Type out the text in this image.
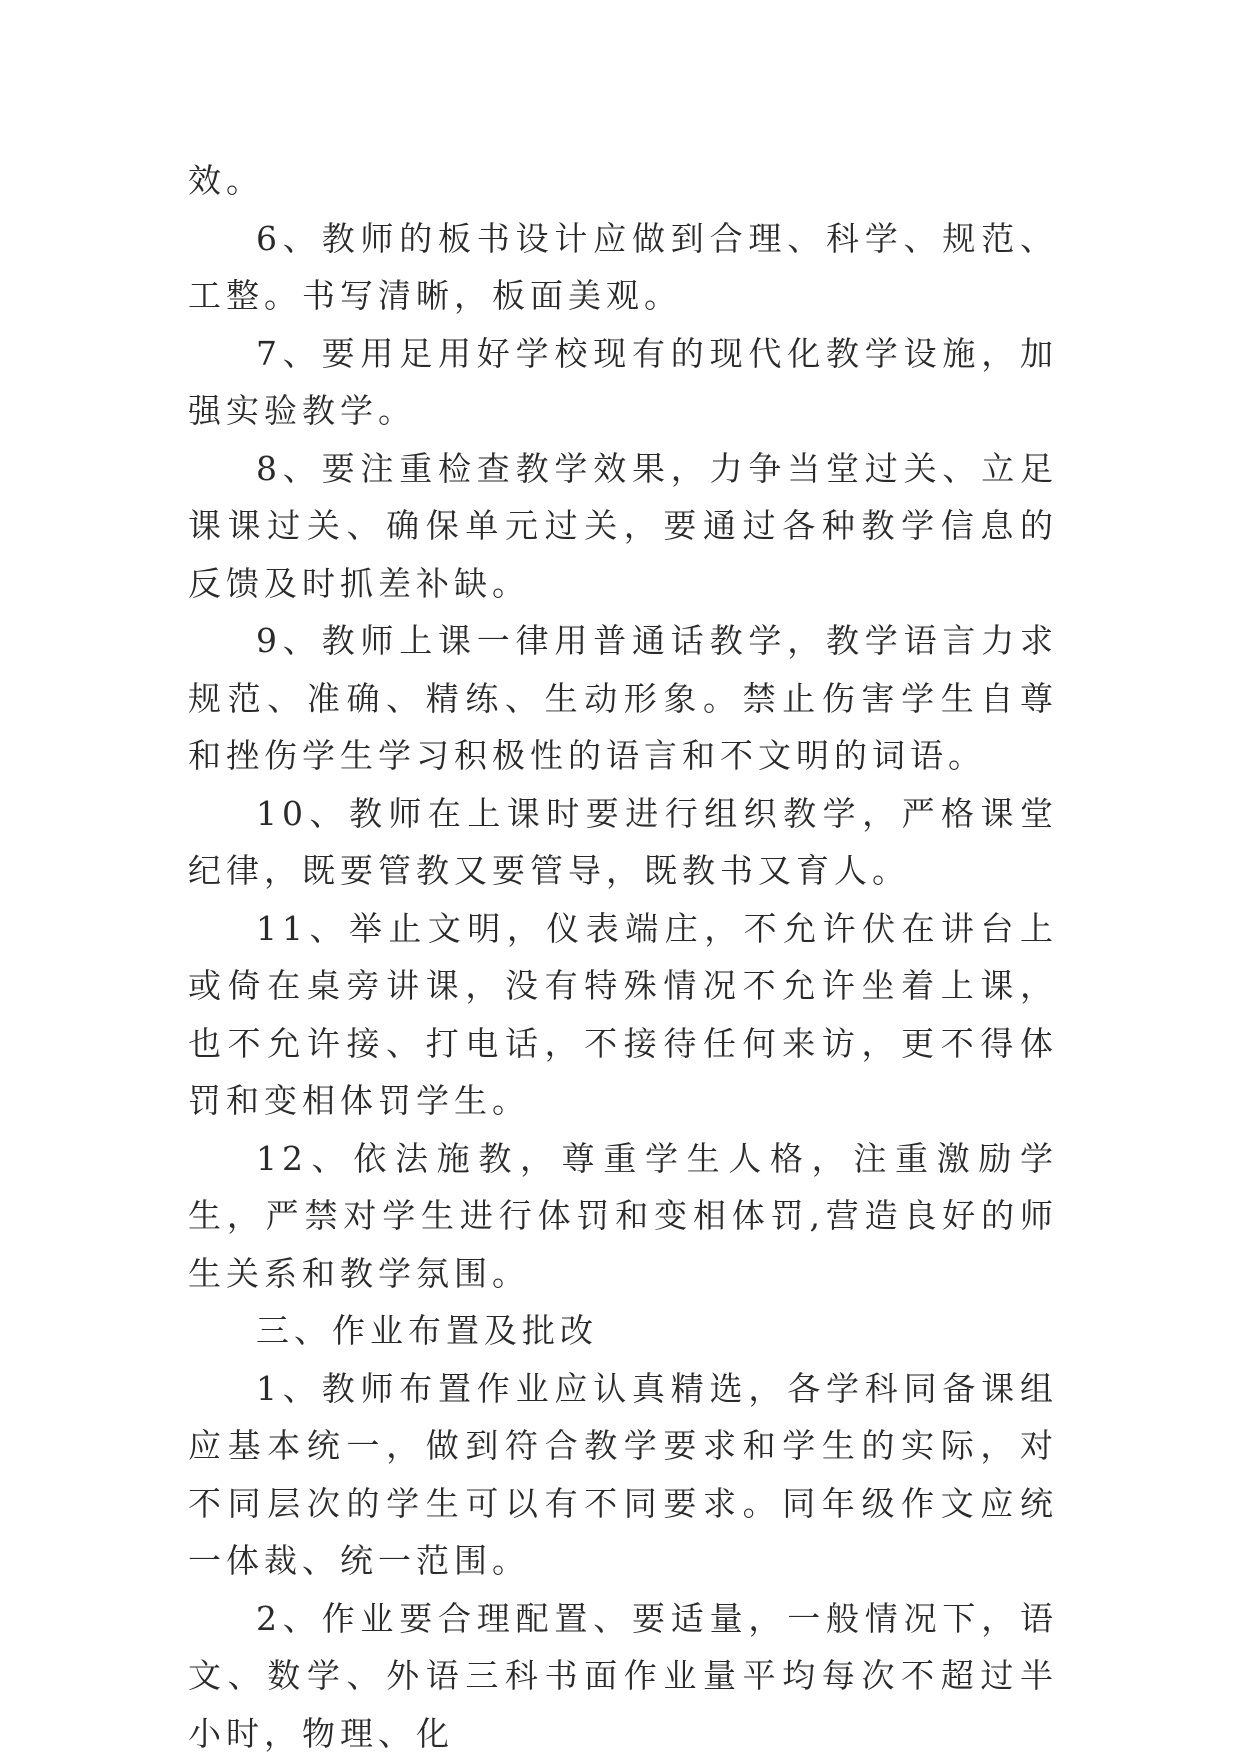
效。

6、教师的板书设计应做到合理、科学、规范、工整。书写清晰，板面美观。

7、要用足用好学校现有的现代化教学设施，加强实验教学。

8、要注重检查教学效果，力争当堂过关、立足课课过关、确保单元过关，要通过各种教学信息的反馈及时抓差补缺。

9、教师上课一律用普通话教学，教学语言力求规范、准确、精练、生动形象。禁止伤害学生自尊和挫伤学生学习积极性的语言和不文明的词语。

10、教师在上课时要进行组织教学，严格课堂纪律，既要管教又要管导，既教书又育人。

11、举止文明，仪表端庄，不允许伏在讲台上或倚在桌旁讲课，没有特殊情况不允许坐着上课，也不允许接、打电话，不接待任何来访，更不得体罚和变相体罚学生。

12、依法施教，尊重学生人格，注重激励学生，严禁对学生进行体罚和变相体罚,营造良好的师生关系和教学氛围。

三、作业布置及批改

1、教师布置作业应认真精选，各学科同备课组应基本统一，做到符合教学要求和学生的实际，对不同层次的学生可以有不同要求。同年级作文应统一体裁、统一范围。

2、作业要合理配置、要适量，一般情况下，语文、数学、外语三科书面作业量平均每次不超过半小时，物理、化
